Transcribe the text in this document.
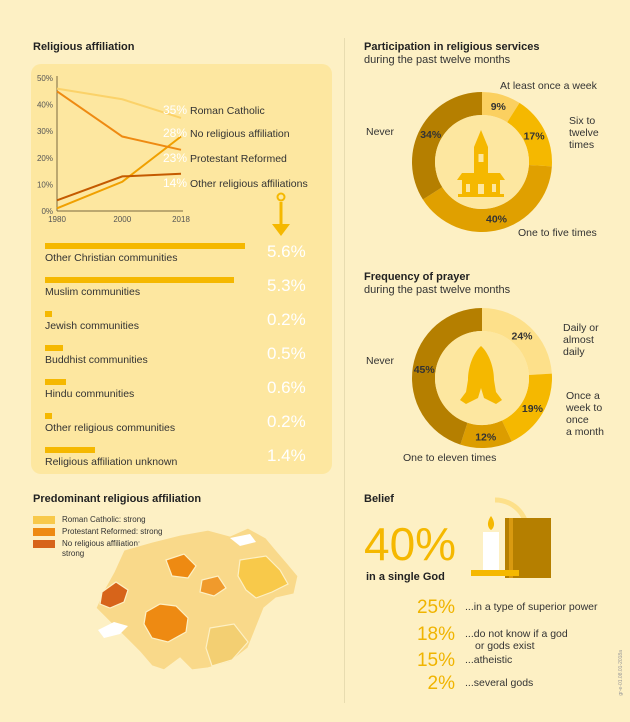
Religious affiliation
0%
10%
20%
30%
40%
50%
1980	2000	2018
35% Roman Catholic
28% No religious affiliation
23% Protestant Reformed
14% Other religious affiliations
Other Christian communities	5.6%
Muslim communities	5.3%
Jewish communities	0.2%
Buddhist communities	0.5%
Hindu communities	0.6%
Other religious communities	0.2%
Religious affiliation unknown	1.4%
Predominant religious affiliation
Roman Catholic: strong
Protestant Reformed: strong
No religious affiliation:
strong
Participation in religious services
during the past twelve months
9%
17%
40%
34%
Frequency of prayer
during the past twelve months
24%
19%
12%
45%
Belief
40%
in a single God
25% ...in a type of superior power
18% ...do not know if a god
or gods exist
15% ...atheistic
2% ...several gods	gr-e-01.08.01-2018a
At least once a week
Six to
twelve
times
One to five times
Never
Daily or
almost
daily
Once a
week to
once
a month
One to eleven times
Never
